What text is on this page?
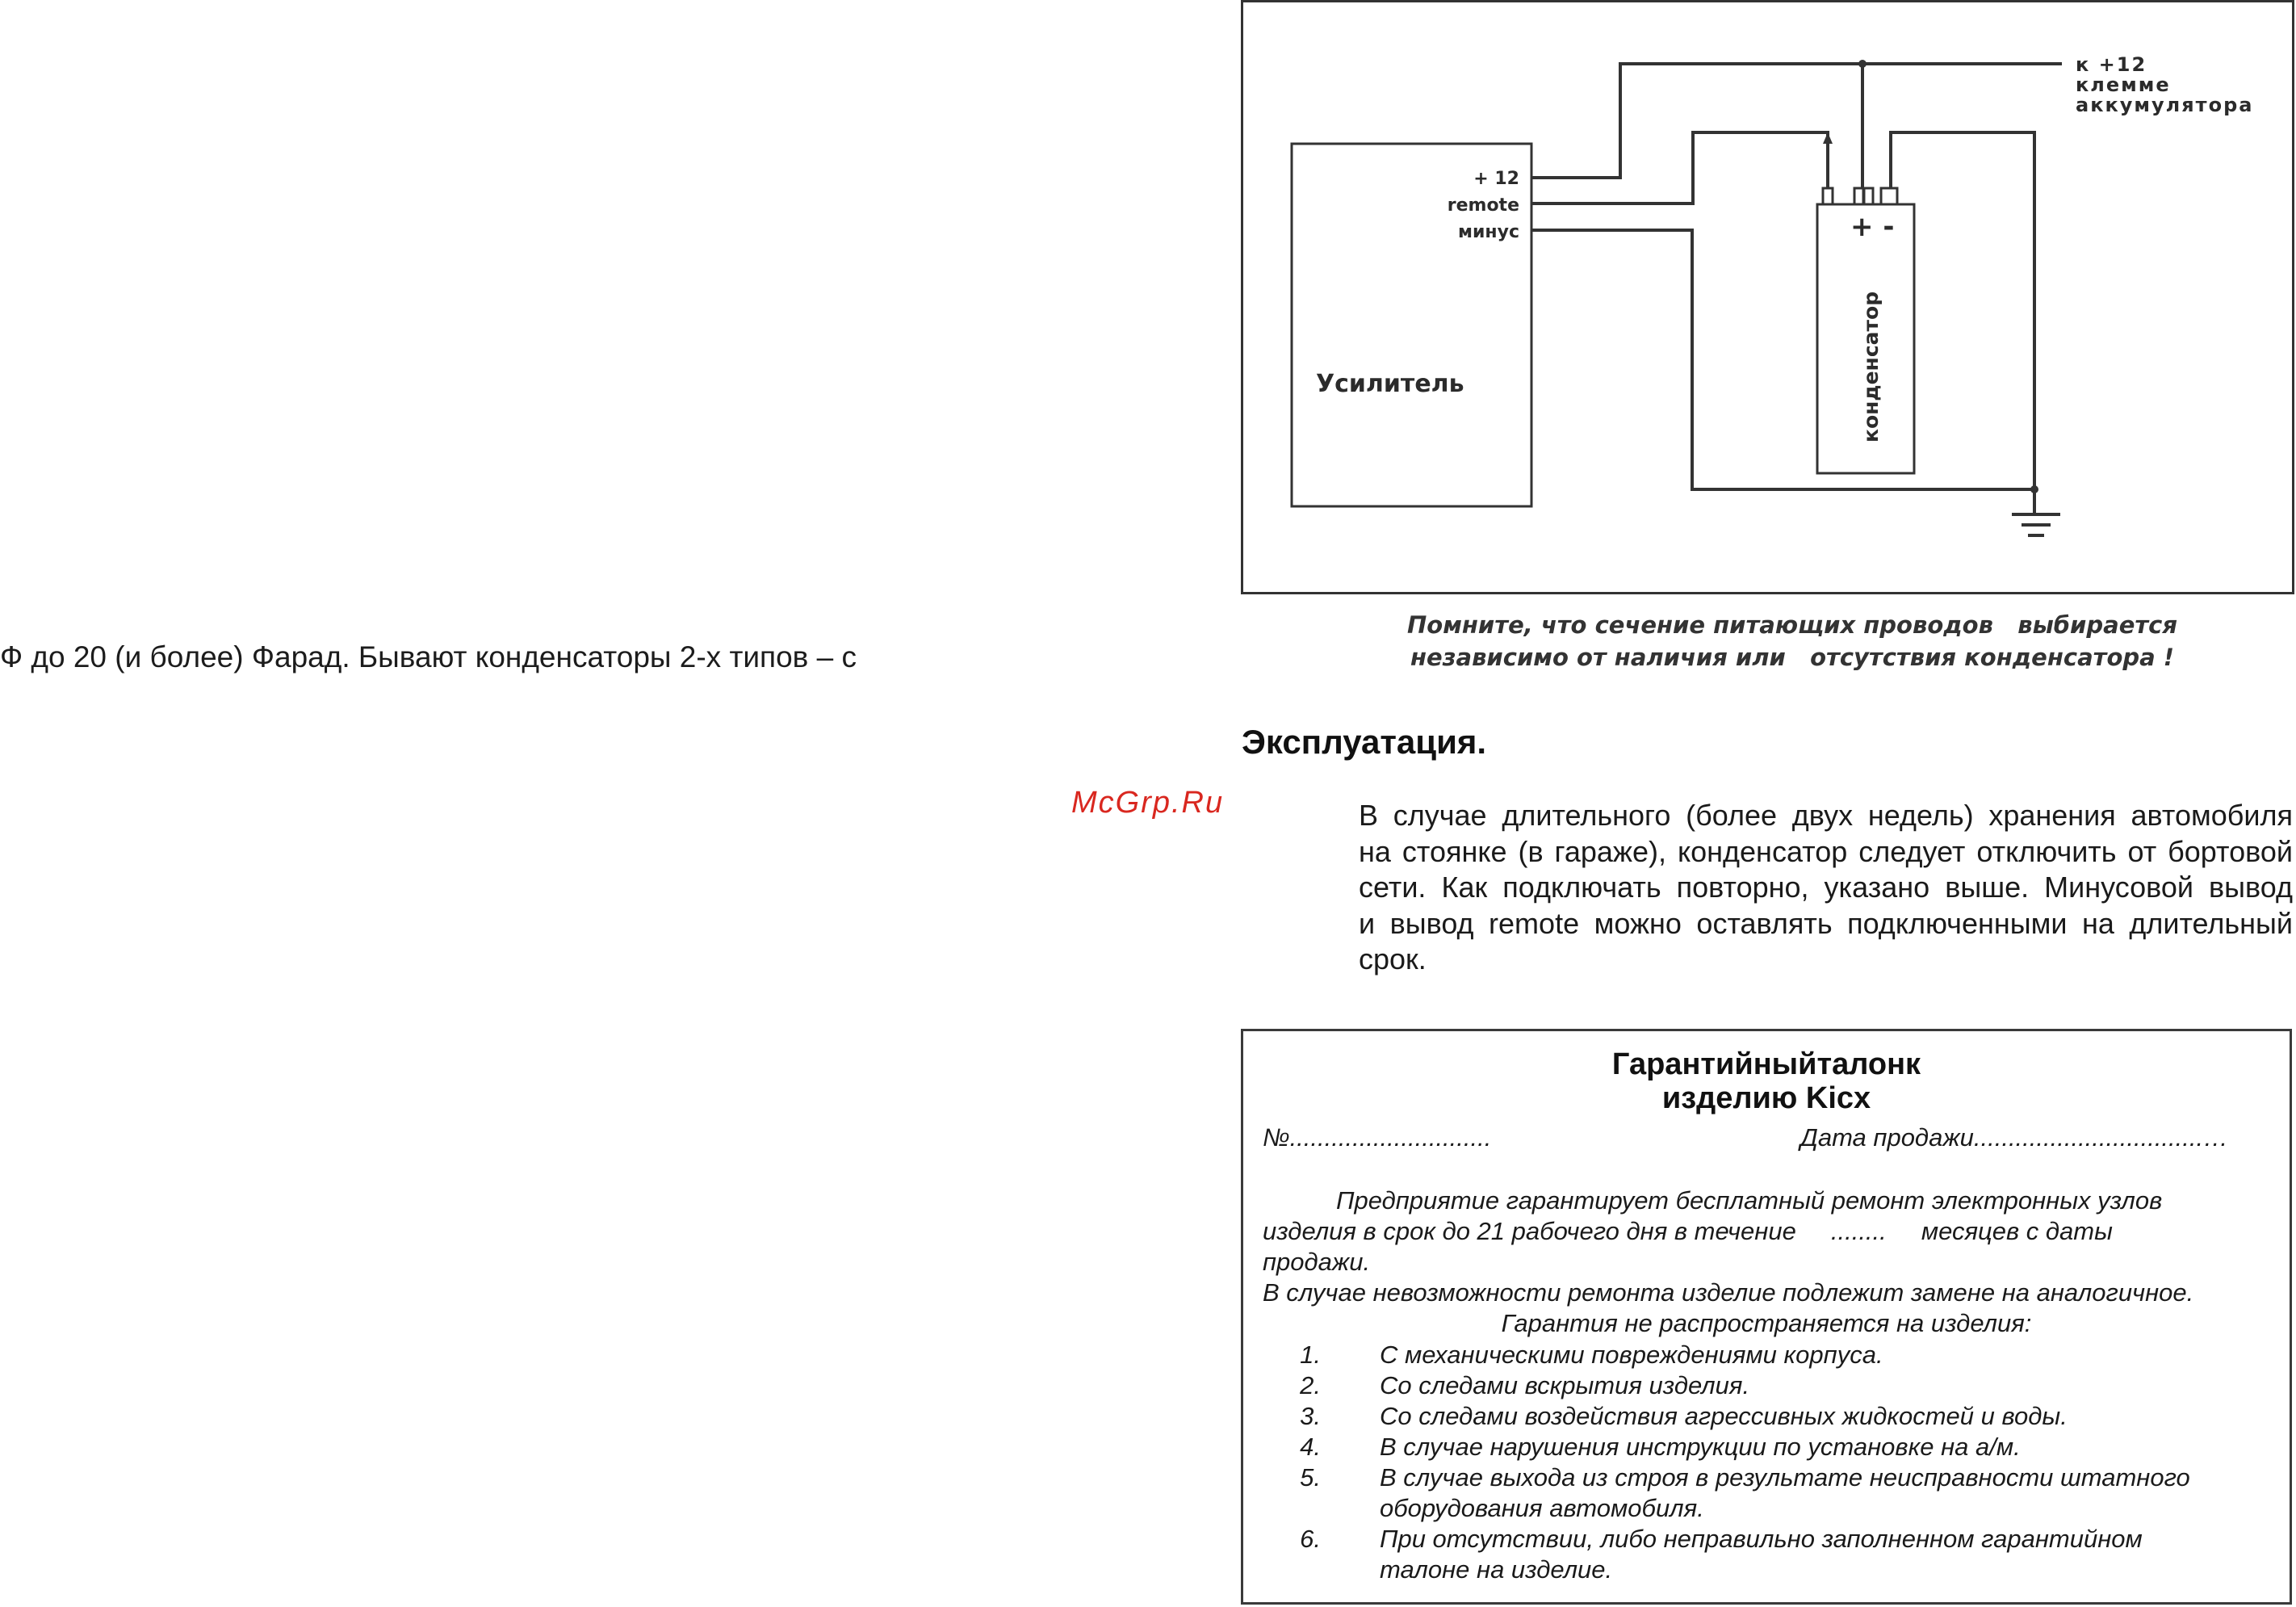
Ф до 20 (и более) Фарад. Бывают конденсаторы 2-х типов – с
McGrp.Ru
+ 12
remote
минус
Усилитель
+ -
конденсатор
к +12
клемме
аккумулятора
Помните, что сечение питающих проводов   выбирается
независимо от наличия или   отсутствия конденсатора !
Эксплуатация.
В случае длительного (более двух недель) хранения автомобиля
на стоянке (в гараже), конденсатор следует отключить от бортовой
сети. Как подключать повторно, указано выше. Минусовой вывод
и вывод remote можно оставлять подключенными на длительный
срок.
Гарантийныйталонк
изделию Kicx
№.............................	Дата продажи.................................…
Предприятие гарантирует бесплатный ремонт электронных узлов
изделия в срок до 21 рабочего дня в течение     ........     месяцев с даты
продажи.
В случае невозможности ремонта изделие подлежит замене на аналогичное.
Гарантия не распространяется на изделия:
1. С механическими повреждениями корпуса.
2. Со следами вскрытия изделия.
3. Со следами воздействия агрессивных жидкостей и воды.
4. В случае нарушения инструкции по установке на а/м.
5. В случае выхода из строя в результате неисправности штатного
оборудования автомобиля.
6. При отсутствии, либо неправильно заполненном гарантийном
талоне на изделие.
